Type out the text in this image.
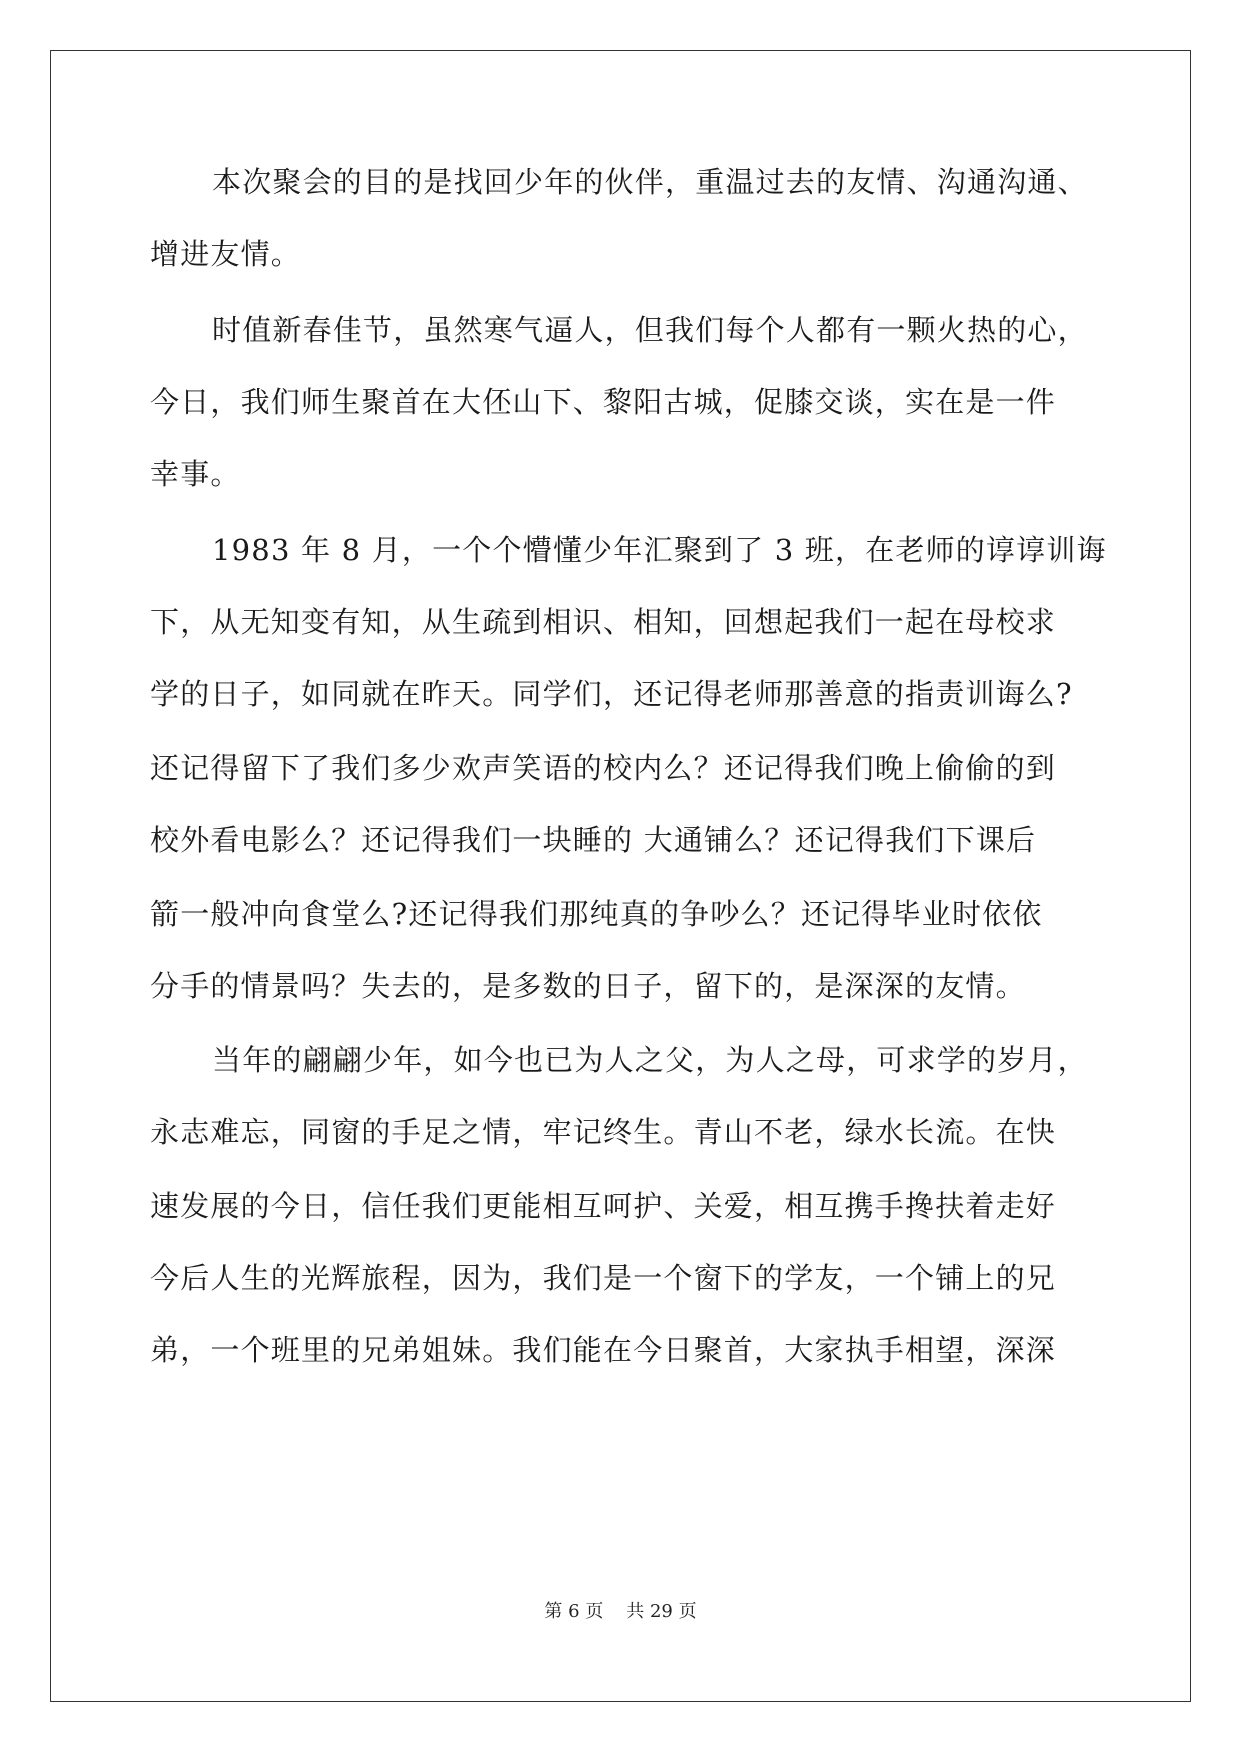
本次聚会的目的是找回少年的伙伴，重温过去的友情、沟通沟通、
增进友情。
时值新春佳节，虽然寒气逼人，但我们每个人都有一颗火热的心，
今日，我们师生聚首在大伾山下、黎阳古城，促膝交谈，实在是一件
幸事。
1983 年 8 月，一个个懵懂少年汇聚到了 3 班，在老师的谆谆训诲
下，从无知变有知，从生疏到相识、相知，回想起我们一起在母校求
学的日子，如同就在昨天。同学们，还记得老师那善意的指责训诲么?
还记得留下了我们多少欢声笑语的校内么？还记得我们晚上偷偷的到
校外看电影么？还记得我们一块睡的 大通铺么？还记得我们下课后
箭一般冲向食堂么?还记得我们那纯真的争吵么？还记得毕业时依依
分手的情景吗？失去的，是多数的日子，留下的，是深深的友情。
当年的翩翩少年，如今也已为人之父，为人之母，可求学的岁月，
永志难忘，同窗的手足之情，牢记终生。青山不老，绿水长流。在快
速发展的今日，信任我们更能相互呵护、关爱，相互携手搀扶着走好
今后人生的光辉旅程，因为，我们是一个窗下的学友，一个铺上的兄
弟，一个班里的兄弟姐妹。我们能在今日聚首，大家执手相望，深深
第 6 页 共 29 页
